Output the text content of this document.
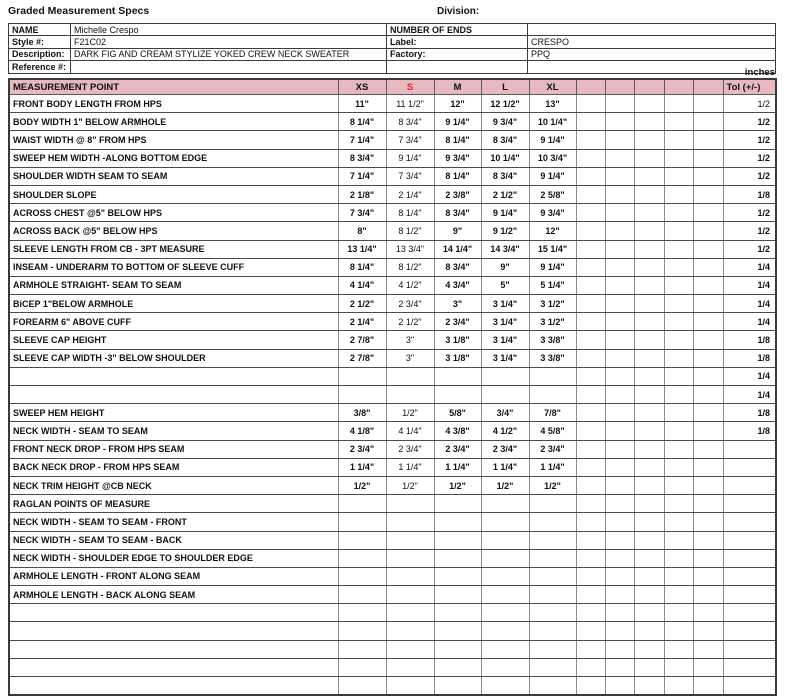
Graded Measurement Specs	Division:
NAME	Michelle Crespo	NUMBER OF ENDS	
Style #:	F21C02	Label:	CRESPO
Description:	DARK FIG AND CREAM STYLIZE YOKED CREW NECK SWEATER	Factory:	PPQ
Reference #:			
inches
MEASUREMENT POINT	XS	S	M	L	XL						Tol (+/-)
FRONT BODY LENGTH FROM HPS	11"	11 1/2"	12"	12 1/2"	13"						1/2
BODY WIDTH 1" BELOW ARMHOLE	8 1/4"	8 3/4"	9 1/4"	9 3/4"	10 1/4"						1/2
WAIST WIDTH @ 8" FROM HPS	7 1/4"	7 3/4"	8 1/4"	8 3/4"	9 1/4"						1/2
SWEEP HEM WIDTH -ALONG BOTTOM EDGE	8 3/4"	9 1/4"	9 3/4"	10 1/4"	10 3/4"						1/2
SHOULDER WIDTH SEAM TO SEAM	7 1/4"	7 3/4"	8 1/4"	8 3/4"	9 1/4"						1/2
SHOULDER SLOPE	2 1/8"	2 1/4"	2 3/8"	2 1/2"	2 5/8"						1/8
ACROSS CHEST @5" BELOW HPS	7 3/4"	8 1/4"	8 3/4"	9 1/4"	9 3/4"						1/2
ACROSS BACK @5" BELOW HPS	8"	8 1/2"	9"	9 1/2"	12"						1/2
SLEEVE LENGTH FROM CB - 3PT MEASURE	13 1/4"	13 3/4"	14 1/4"	14 3/4"	15 1/4"						1/2
INSEAM - UNDERARM TO BOTTOM OF SLEEVE CUFF	8 1/4"	8 1/2"	8 3/4"	9"	9 1/4"						1/4
ARMHOLE STRAIGHT- SEAM TO SEAM	4 1/4"	4 1/2"	4 3/4"	5"	5 1/4"						1/4
BiCEP 1"BELOW ARMHOLE	2 1/2"	2 3/4"	3"	3 1/4"	3 1/2"						1/4
FOREARM 6" ABOVE CUFF	2 1/4"	2 1/2"	2 3/4"	3 1/4"	3 1/2"						1/4
SLEEVE CAP HEIGHT	2 7/8"	3"	3 1/8"	3 1/4"	3 3/8"						1/8
SLEEVE CAP WIDTH -3" BELOW SHOULDER	2 7/8"	3"	3 1/8"	3 1/4"	3 3/8"						1/8
											1/4
											1/4
SWEEP HEM HEIGHT	3/8"	1/2"	5/8"	3/4"	7/8"						1/8
NECK WIDTH - SEAM TO SEAM	4 1/8"	4 1/4"	4 3/8"	4 1/2"	4 5/8"						1/8
FRONT NECK DROP - FROM HPS SEAM	2 3/4"	2 3/4"	2 3/4"	2 3/4"	2 3/4"						
BACK NECK DROP - FROM HPS SEAM	1 1/4"	1 1/4"	1 1/4"	1 1/4"	1 1/4"						
NECK TRIM HEIGHT @CB NECK	1/2"	1/2"	1/2"	1/2"	1/2"						
RAGLAN POINTS OF MEASURE											
NECK WIDTH - SEAM TO SEAM - FRONT											
NECK WIDTH - SEAM TO SEAM - BACK											
NECK WIDTH - SHOULDER EDGE TO SHOULDER EDGE											
ARMHOLE LENGTH - FRONT ALONG SEAM											
ARMHOLE LENGTH - BACK ALONG SEAM											
